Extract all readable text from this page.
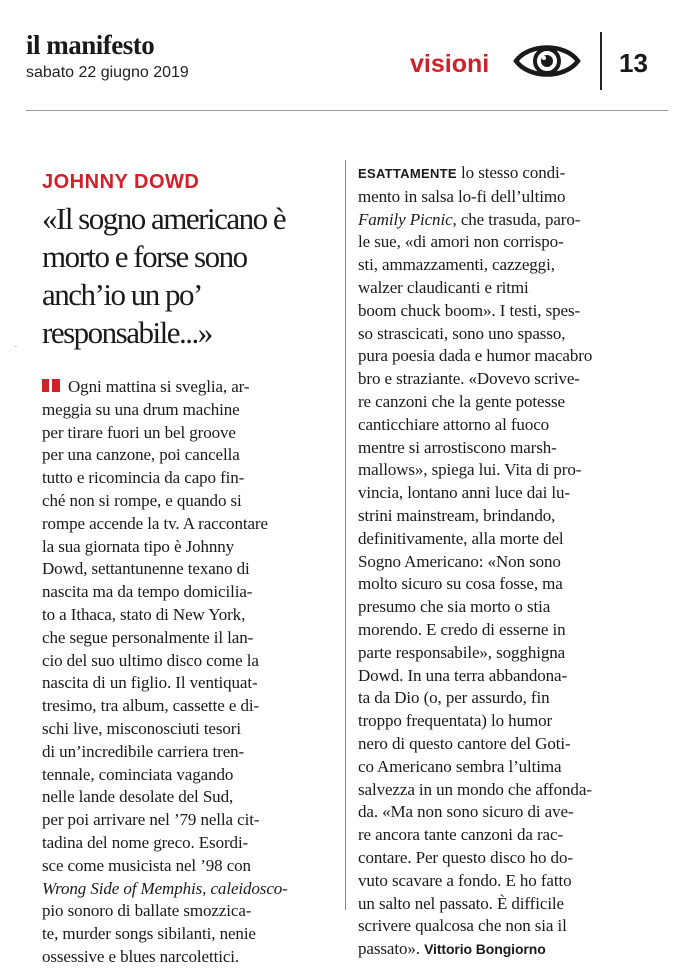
il manifesto
sabato 22 giugno 2019	visioni	13
.
JOHNNY DOWD
«Il sogno americano è morto e forse sono anch’io un po’ responsabile...»
Ogni mattina si sveglia, ar-
meggia su una drum machine
per tirare fuori un bel groove
per una canzone, poi cancella
tutto e ricomincia da capo fin-
ché non si rompe, e quando si
rompe accende la tv. A raccontare
la sua giornata tipo è Johnny
Dowd, settantunenne texano di
nascita ma da tempo domicilia-
to a Ithaca, stato di New York,
che segue personalmente il lan-
cio del suo ultimo disco come la
nascita di un figlio. Il ventiquat-
tresimo, tra album, cassette e di-
schi live, misconosciuti tesori
di un’incredibile carriera tren-
tennale, cominciata vagando
nelle lande desolate del Sud,
per poi arrivare nel ’79 nella cit-
tadina del nome greco. Esordi-
sce come musicista nel ’98 con
Wrong Side of Memphis, caleidosco-
pio sonoro di ballate smozzica-
te, murder songs sibilanti, nenie
ossessive e blues narcolettici.
ESATTAMENTE lo stesso condi-
mento in salsa lo-fi dell’ultimo
Family Picnic, che trasuda, paro-
le sue, «di amori non corrispo-
sti, ammazzamenti, cazzeggi,
walzer claudicanti e ritmi
boom chuck boom». I testi, spes-
so strascicati, sono uno spasso,
pura poesia dada e humor macabro
bro e straziante. «Dovevo scrive-
re canzoni che la gente potesse
canticchiare attorno al fuoco
mentre si arrostiscono marsh-
mallows», spiega lui. Vita di pro-
vincia, lontano anni luce dai lu-
strini mainstream, brindando,
definitivamente, alla morte del
Sogno Americano: «Non sono
molto sicuro su cosa fosse, ma
presumo che sia morto o stia
morendo. E credo di esserne in
parte responsabile», sogghigna
Dowd. In una terra abbandona-
ta da Dio (o, per assurdo, fin
troppo frequentata) lo humor
nero di questo cantore del Goti-
co Americano sembra l’ultima
salvezza in un mondo che affonda-
da. «Ma non sono sicuro di ave-
re ancora tante canzoni da rac-
contare. Per questo disco ho do-
vuto scavare a fondo. E ho fatto
un salto nel passato. È difficile
scrivere qualcosa che non sia il
passato». Vittorio Bongiorno
